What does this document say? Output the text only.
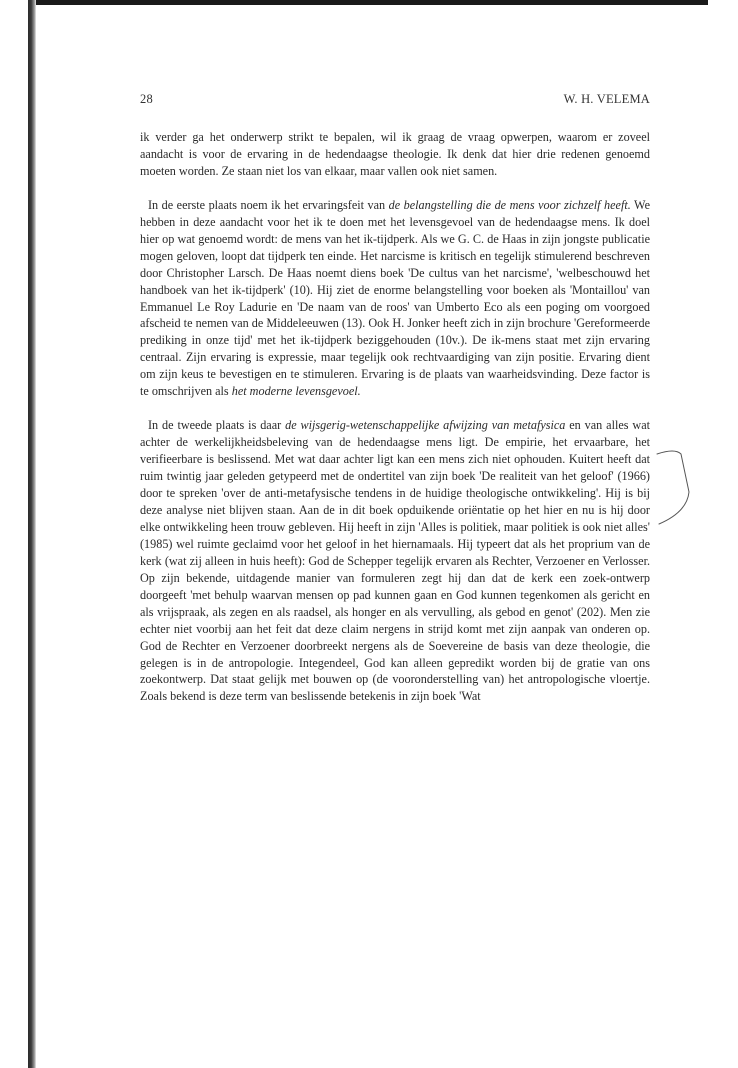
28	W. H. VELEMA

ik verder ga het onderwerp strikt te bepalen, wil ik graag de vraag opwerpen, waarom er zoveel aandacht is voor de ervaring in de hedendaagse theologie. Ik denk dat hier drie redenen genoemd moeten worden. Ze staan niet los van elkaar, maar vallen ook niet samen.

In de eerste plaats noem ik het ervaringsfeit van de belangstelling die de mens voor zichzelf heeft. We hebben in deze aandacht voor het ik te doen met het levensgevoel van de hedendaagse mens. Ik doel hier op wat genoemd wordt: de mens van het ik-tijdperk. Als we G. C. de Haas in zijn jongste publicatie mogen geloven, loopt dat tijdperk ten einde. Het narcisme is kritisch en tegelijk stimulerend beschreven door Christopher Larsch. De Haas noemt diens boek 'De cultus van het narcisme', 'welbeschouwd het handboek van het ik-tijdperk' (10). Hij ziet de enorme belangstelling voor boeken als 'Montaillou' van Emmanuel Le Roy Ladurie en 'De naam van de roos' van Umberto Eco als een poging om voorgoed afscheid te nemen van de Middeleeuwen (13). Ook H. Jonker heeft zich in zijn brochure 'Gereformeerde prediking in onze tijd' met het ik-tijdperk beziggehouden (10v.). De ik-mens staat met zijn ervaring centraal. Zijn ervaring is expressie, maar tegelijk ook rechtvaardiging van zijn positie. Ervaring dient om zijn keus te bevestigen en te stimuleren. Ervaring is de plaats van waarheidsvinding. Deze factor is te omschrijven als het moderne levensgevoel.

In de tweede plaats is daar de wijsgerig-wetenschappelijke afwijzing van metafysica en van alles wat achter de werkelijkheidsbeleving van de hedendaagse mens ligt. De empirie, het ervaarbare, het verifieerbare is beslissend. Met wat daar achter ligt kan een mens zich niet ophouden. Kuitert heeft dat ruim twintig jaar geleden getypeerd met de ondertitel van zijn boek 'De realiteit van het geloof' (1966) door te spreken 'over de anti-metafysische tendens in de huidige theologische ontwikkeling'. Hij is bij deze analyse niet blijven staan. Aan de in dit boek opduikende oriëntatie op het hier en nu is hij door elke ontwikkeling heen trouw gebleven. Hij heeft in zijn 'Alles is politiek, maar politiek is ook niet alles' (1985) wel ruimte geclaimd voor het geloof in het hiernamaals. Hij typeert dat als het proprium van de kerk (wat zij alleen in huis heeft): God de Schepper tegelijk ervaren als Rechter, Verzoener en Verlosser. Op zijn bekende, uitdagende manier van formuleren zegt hij dan dat de kerk een zoek-ontwerp doorgeeft 'met behulp waarvan mensen op pad kunnen gaan en God kunnen tegenkomen als gericht en als vrijspraak, als zegen en als raadsel, als honger en als vervulling, als gebod en genot' (202). Men zie echter niet voorbij aan het feit dat deze claim nergens in strijd komt met zijn aanpak van onderen op. God de Rechter en Verzoener doorbreekt nergens als de Soevereine de basis van deze theologie, die gelegen is in de antropologie. Integendeel, God kan alleen gepredikt worden bij de gratie van ons zoekontwerp. Dat staat gelijk met bouwen op (de vooronderstelling van) het antropologische vloertje. Zoals bekend is deze term van beslissende betekenis in zijn boek 'Wat
